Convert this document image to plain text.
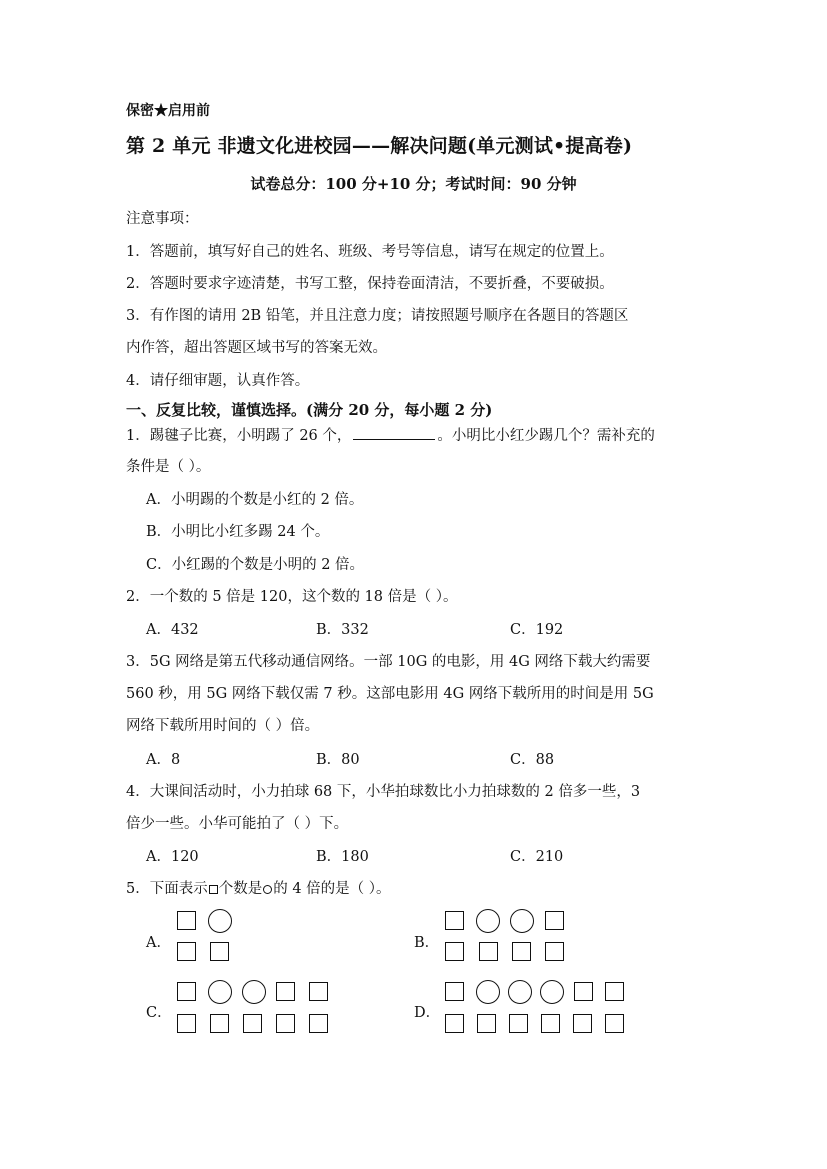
保密★启用前
第 2 单元 非遗文化进校园——解决问题(单元测试•提高卷)
试卷总分：100 分+10 分；考试时间：90 分钟
注意事项：
1．答题前，填写好自己的姓名、班级、考号等信息，请写在规定的位置上。
2．答题时要求字迹清楚，书写工整，保持卷面清洁，不要折叠，不要破损。
3．有作图的请用 2B 铅笔，并且注意力度；请按照题号顺序在各题目的答题区
内作答，超出答题区域书写的答案无效。
4．请仔细审题，认真作答。
一、反复比较，谨慎选择。(满分 20 分，每小题 2 分)
1．踢毽子比赛，小明踢了 26 个，	。小明比小红少踢几个？需补充的
条件是（ ）。
A．小明踢的个数是小红的 2 倍。
B．小明比小红多踢 24 个。
C．小红踢的个数是小明的 2 倍。
2．一个数的 5 倍是 120，这个数的 18 倍是（ ）。
A．432	B．332	C．192
3．5G 网络是第五代移动通信网络。一部 10G 的电影，用 4G 网络下载大约需要
560 秒，用 5G 网络下载仅需 7 秒。这部电影用 4G 网络下载所用的时间是用 5G
网络下载所用时间的（ ）倍。
A．8	B．80	C．88
4．大课间活动时，小力拍球 68 下，小华拍球数比小力拍球数的 2 倍多一些，3
倍少一些。小华可能拍了（ ）下。
A．120	B．180	C．210
5．下面表示 个数是 的 4 倍的是（ ）。
A．	B．
C．	D．
